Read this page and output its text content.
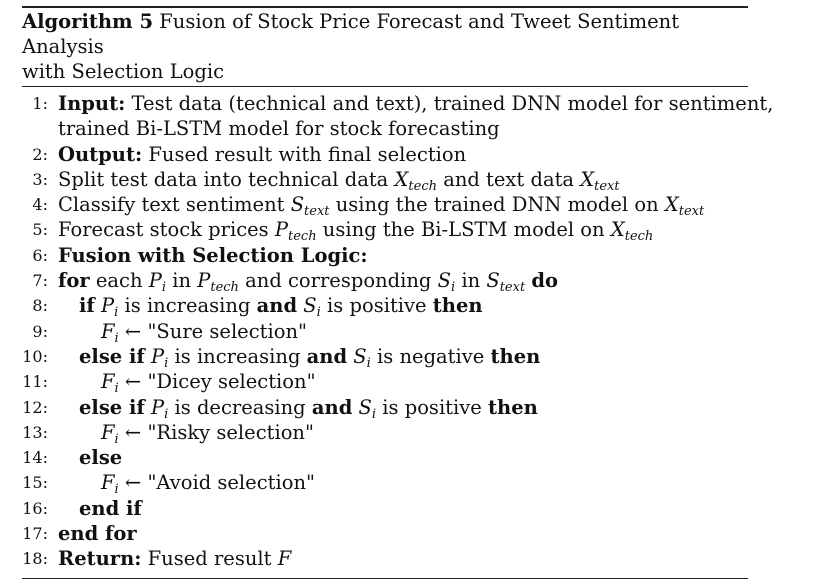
Algorithm 5 Fusion of Stock Price Forecast and Tweet Sentiment Analysis
with Selection Logic
1: Input: Test data (technical and text), trained DNN model for sentiment,
trained Bi-LSTM model for stock forecasting
2: Output: Fused result with final selection
3: Split test data into technical data $X_{tech}$ and text data $X_{text}$
4: Classify text sentiment $S_{text}$ using the trained DNN model on $X_{text}$
5: Forecast stock prices $P_{tech}$ using the Bi-LSTM model on $X_{tech}$
6: Fusion with Selection Logic:
7: for each $P_i$ in $P_{tech}$ and corresponding $S_i$ in $S_{text}$ do
8: if $P_i$ is increasing and $S_i$ is positive then
9:	$F_i$ ← "Sure selection"
10: else if $P_i$ is increasing and $S_i$ is negative then
11:	$F_i$ ← "Dicey selection"
12: else if $P_i$ is decreasing and $S_i$ is positive then
13:	$F_i$ ← "Risky selection"
14: else
15:	$F_i$ ← "Avoid selection"
16: end if
17: end for
18: Return: Fused result F
